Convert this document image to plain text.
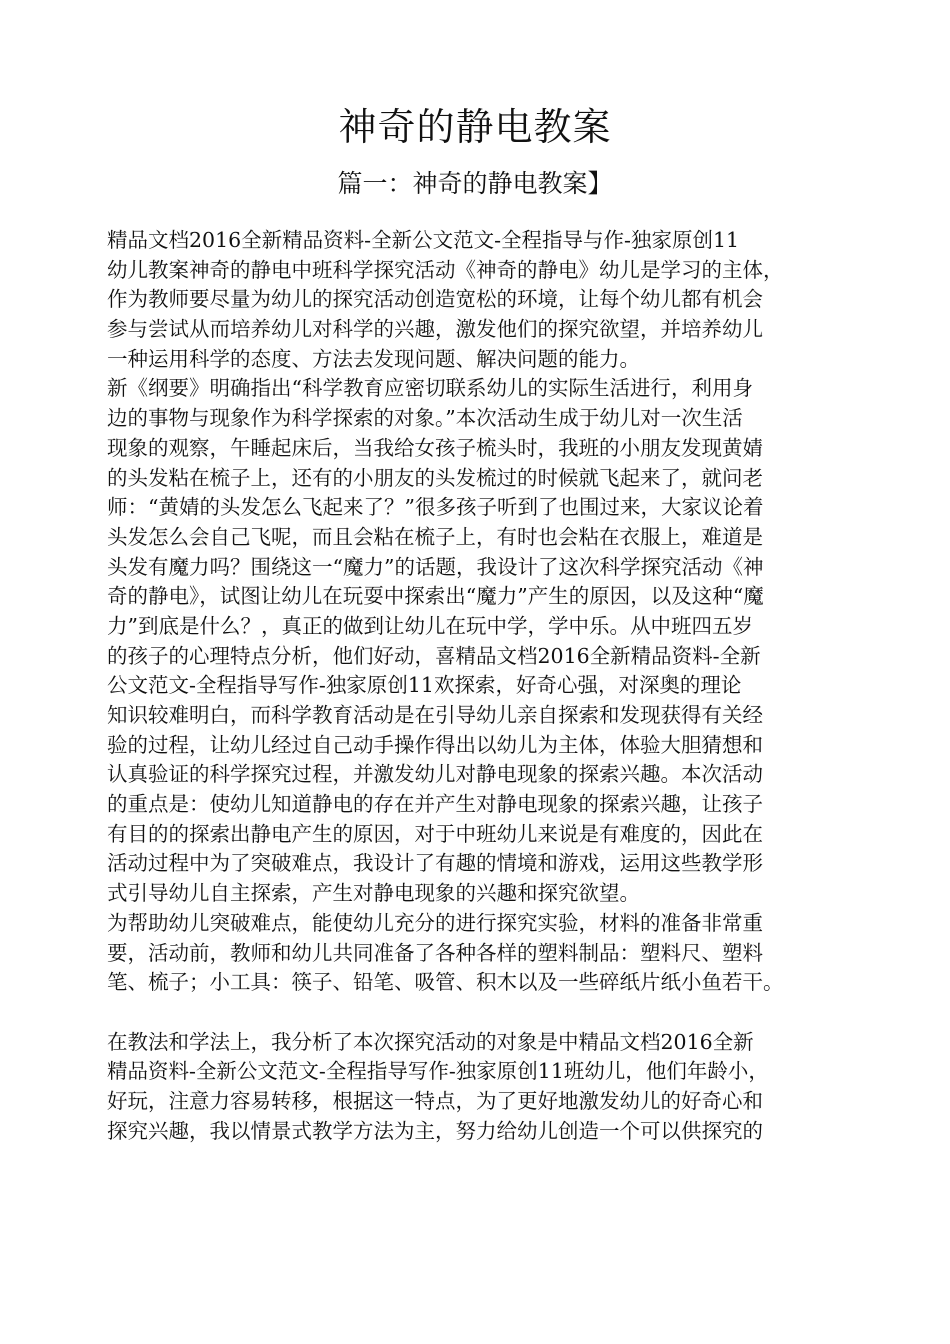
神奇的静电教案
篇一：神奇的静电教案】
精品文档2016全新精品资料-全新公文范文-全程指导与作-独家原创11
幼儿教案神奇的静电中班科学探究活动《神奇的静电》幼儿是学习的主体，
作为教师要尽量为幼儿的探究活动创造宽松的环境，让每个幼儿都有机会
参与尝试从而培养幼儿对科学的兴趣，激发他们的探究欲望，并培养幼儿
一种运用科学的态度、方法去发现问题、解决问题的能力。
新《纲要》明确指出“科学教育应密切联系幼儿的实际生活进行，利用身
边的事物与现象作为科学探索的对象。”本次活动生成于幼儿对一次生活
现象的观察，午睡起床后，当我给女孩子梳头时，我班的小朋友发现黄婧
的头发粘在梳子上，还有的小朋友的头发梳过的时候就飞起来了，就问老
师：“黄婧的头发怎么飞起来了？”很多孩子听到了也围过来，大家议论着
头发怎么会自己飞呢，而且会粘在梳子上，有时也会粘在衣服上，难道是
头发有魔力吗？围绕这一“魔力”的话题，我设计了这次科学探究活动《神
奇的静电》，试图让幼儿在玩耍中探索出“魔力”产生的原因，以及这种“魔
力”到底是什么？，真正的做到让幼儿在玩中学，学中乐。从中班四五岁
的孩子的心理特点分析，他们好动，喜精品文档2016全新精品资料-全新
公文范文-全程指导写作-独家原创11欢探索，好奇心强，对深奥的理论
知识较难明白，而科学教育活动是在引导幼儿亲自探索和发现获得有关经
验的过程，让幼儿经过自己动手操作得出以幼儿为主体，体验大胆猜想和
认真验证的科学探究过程，并激发幼儿对静电现象的探索兴趣。本次活动
的重点是：使幼儿知道静电的存在并产生对静电现象的探索兴趣，让孩子
有目的的探索出静电产生的原因，对于中班幼儿来说是有难度的，因此在
活动过程中为了突破难点，我设计了有趣的情境和游戏，运用这些教学形
式引导幼儿自主探索，产生对静电现象的兴趣和探究欲望。
为帮助幼儿突破难点，能使幼儿充分的进行探究实验，材料的准备非常重
要，活动前，教师和幼儿共同准备了各种各样的塑料制品：塑料尺、塑料
笔、梳子；小工具：筷子、铅笔、吸管、积木以及一些碎纸片纸小鱼若干。
在教法和学法上，我分析了本次探究活动的对象是中精品文档2016全新
精品资料-全新公文范文-全程指导写作-独家原创11班幼儿，他们年龄小，
好玩，注意力容易转移，根据这一特点，为了更好地激发幼儿的好奇心和
探究兴趣，我以情景式教学方法为主，努力给幼儿创造一个可以供探究的
